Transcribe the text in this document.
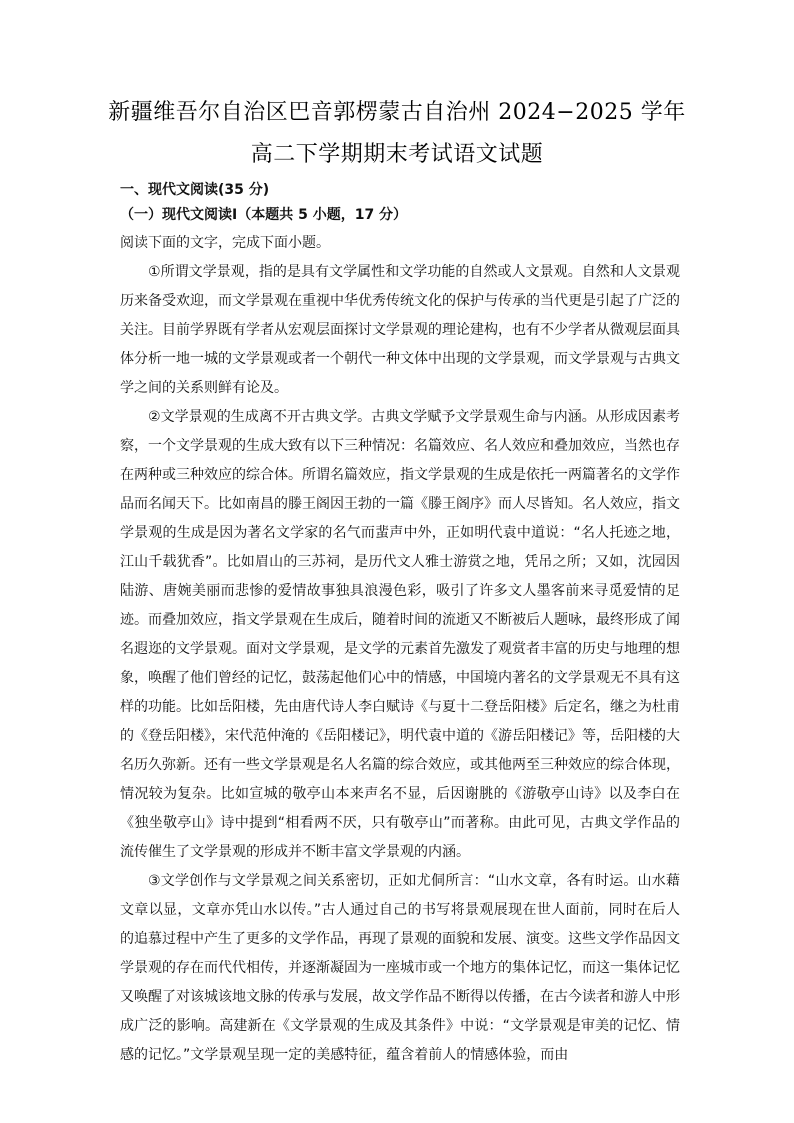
新疆维吾尔自治区巴音郭楞蒙古自治州 2024−2025 学年
高二下学期期末考试语文试题
一、现代文阅读(35 分)
（一）现代文阅读Ⅰ（本题共 5 小题，17 分）
阅读下面的文字，完成下面小题。

①所谓文学景观，指的是具有文学属性和文学功能的自然或人文景观。自然和人文景观历来备受欢迎，而文学景观在重视中华优秀传统文化的保护与传承的当代更是引起了广泛的关注。目前学界既有学者从宏观层面探讨文学景观的理论建构，也有不少学者从微观层面具体分析一地一城的文学景观或者一个朝代一种文体中出现的文学景观，而文学景观与古典文学之间的关系则鲜有论及。

②文学景观的生成离不开古典文学。古典文学赋予文学景观生命与内涵。从形成因素考察，一个文学景观的生成大致有以下三种情况：名篇效应、名人效应和叠加效应，当然也存在两种或三种效应的综合体。所谓名篇效应，指文学景观的生成是依托一两篇著名的文学作品而名闻天下。比如南昌的滕王阁因王勃的一篇《滕王阁序》而人尽皆知。名人效应，指文学景观的生成是因为著名文学家的名气而蜚声中外，正如明代袁中道说：“名人托迹之地，江山千载犹香”。比如眉山的三苏祠，是历代文人雅士游赏之地，凭吊之所；又如，沈园因陆游、唐婉美丽而悲惨的爱情故事独具浪漫色彩，吸引了许多文人墨客前来寻觅爱情的足迹。而叠加效应，指文学景观在生成后，随着时间的流逝又不断被后人题咏，最终形成了闻名遐迩的文学景观。面对文学景观，是文学的元素首先激发了观赏者丰富的历史与地理的想象，唤醒了他们曾经的记忆，鼓荡起他们心中的情感，中国境内著名的文学景观无不具有这样的功能。比如岳阳楼，先由唐代诗人李白赋诗《与夏十二登岳阳楼》后定名，继之为杜甫的《登岳阳楼》，宋代范仲淹的《岳阳楼记》，明代袁中道的《游岳阳楼记》等，岳阳楼的大名历久弥新。还有一些文学景观是名人名篇的综合效应，或其他两至三种效应的综合体现，情况较为复杂。比如宣城的敬亭山本来声名不显，后因谢朓的《游敬亭山诗》以及李白在《独坐敬亭山》诗中提到“相看两不厌，只有敬亭山”而著称。由此可见，古典文学作品的流传催生了文学景观的形成并不断丰富文学景观的内涵。

③文学创作与文学景观之间关系密切，正如尤侗所言：“山水文章，各有时运。山水藉文章以显，文章亦凭山水以传。”古人通过自己的书写将景观展现在世人面前，同时在后人的追慕过程中产生了更多的文学作品，再现了景观的面貌和发展、演变。这些文学作品因文学景观的存在而代代相传，并逐渐凝固为一座城市或一个地方的集体记忆，而这一集体记忆又唤醒了对该城该地文脉的传承与发展，故文学作品不断得以传播，在古今读者和游人中形成广泛的影响。高建新在《文学景观的生成及其条件》中说：“文学景观是审美的记忆、情感的记忆。”文学景观呈现一定的美感特征，蕴含着前人的情感体验，而由
